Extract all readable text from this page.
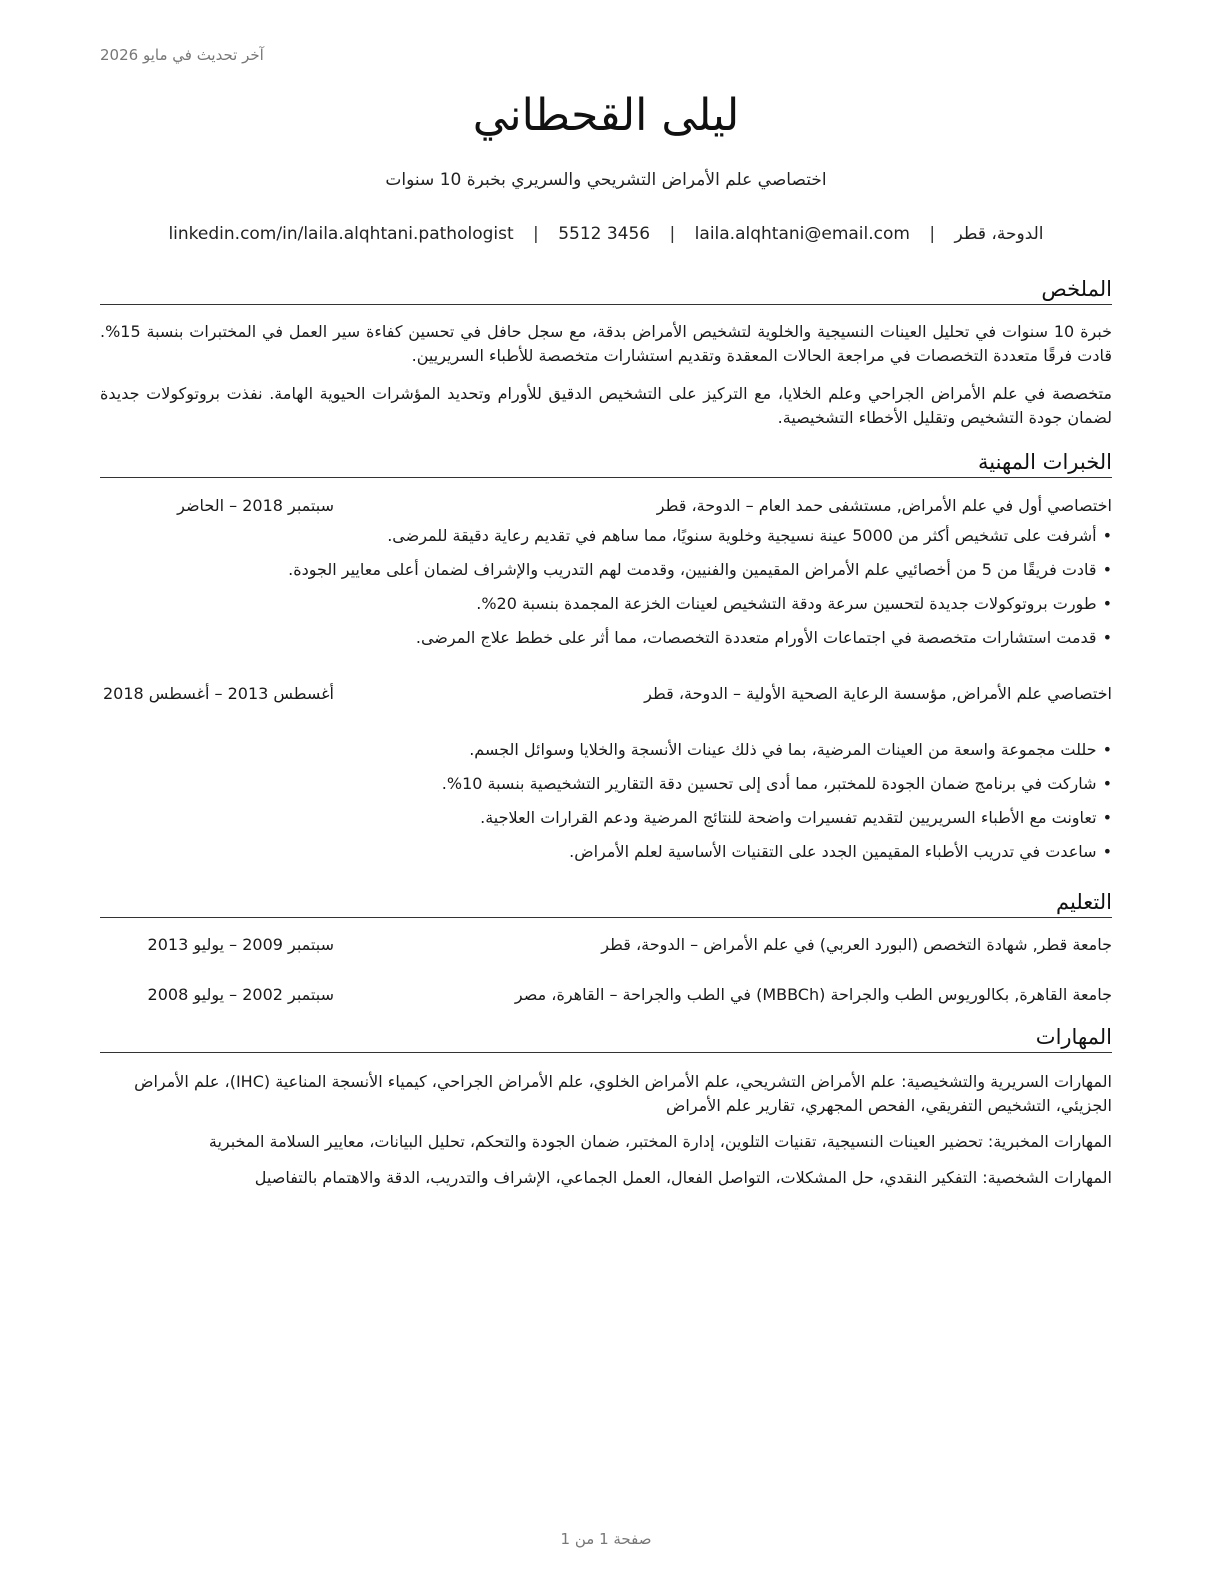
آخر تحديث في مايو 2026
ليلى القحطاني
اختصاصي علم الأمراض التشريحي والسريري بخبرة 10 سنوات
الدوحة، قطر | laila.alqhtani@email.com | 3456 5512 | linkedin.com/in/laila.alqhtani.pathologist
الملخص
خبرة 10 سنوات في تحليل العينات النسيجية والخلوية لتشخيص الأمراض بدقة، مع سجل حافل في تحسين كفاءة سير العمل في المختبرات بنسبة 15%. قادت فرقًا متعددة التخصصات في مراجعة الحالات المعقدة وتقديم استشارات متخصصة للأطباء السريريين.
متخصصة في علم الأمراض الجراحي وعلم الخلايا، مع التركيز على التشخيص الدقيق للأورام وتحديد المؤشرات الحيوية الهامة. نفذت بروتوكولات جديدة لضمان جودة التشخيص وتقليل الأخطاء التشخيصية.
الخبرات المهنية
اختصاصي أول في علم الأمراض, مستشفى حمد العام – الدوحة، قطر
سبتمبر 2018 – الحاضر
•أشرفت على تشخيص أكثر من 5000 عينة نسيجية وخلوية سنويًا، مما ساهم في تقديم رعاية دقيقة للمرضى.
•قادت فريقًا من 5 من أخصائيي علم الأمراض المقيمين والفنيين، وقدمت لهم التدريب والإشراف لضمان أعلى معايير الجودة.
•طورت بروتوكولات جديدة لتحسين سرعة ودقة التشخيص لعينات الخزعة المجمدة بنسبة 20%.
•قدمت استشارات متخصصة في اجتماعات الأورام متعددة التخصصات، مما أثر على خطط علاج المرضى.
اختصاصي علم الأمراض, مؤسسة الرعاية الصحية الأولية – الدوحة، قطر
أغسطس 2013 – أغسطس 2018
•حللت مجموعة واسعة من العينات المرضية، بما في ذلك عينات الأنسجة والخلايا وسوائل الجسم.
•شاركت في برنامج ضمان الجودة للمختبر، مما أدى إلى تحسين دقة التقارير التشخيصية بنسبة 10%.
•تعاونت مع الأطباء السريريين لتقديم تفسيرات واضحة للنتائج المرضية ودعم القرارات العلاجية.
•ساعدت في تدريب الأطباء المقيمين الجدد على التقنيات الأساسية لعلم الأمراض.
التعليم
جامعة قطر, شهادة التخصص (البورد العربي) في علم الأمراض – الدوحة، قطر
سبتمبر 2009 – يوليو 2013
جامعة القاهرة, بكالوريوس الطب والجراحة (MBBCh) في الطب والجراحة – القاهرة، مصر
سبتمبر 2002 – يوليو 2008
المهارات

المهارات السريرية والتشخيصية: علم الأمراض التشريحي، علم الأمراض الخلوي، علم الأمراض الجراحي، كيمياء الأنسجة المناعية (IHC)، علم الأمراض الجزيئي، التشخيص التفريقي، الفحص المجهري، تقارير علم الأمراض

المهارات المخبرية: تحضير العينات النسيجية، تقنيات التلوين، إدارة المختبر، ضمان الجودة والتحكم، تحليل البيانات، معايير السلامة المخبرية

المهارات الشخصية: التفكير النقدي، حل المشكلات، التواصل الفعال، العمل الجماعي، الإشراف والتدريب، الدقة والاهتمام بالتفاصيل

صفحة 1 من 1
